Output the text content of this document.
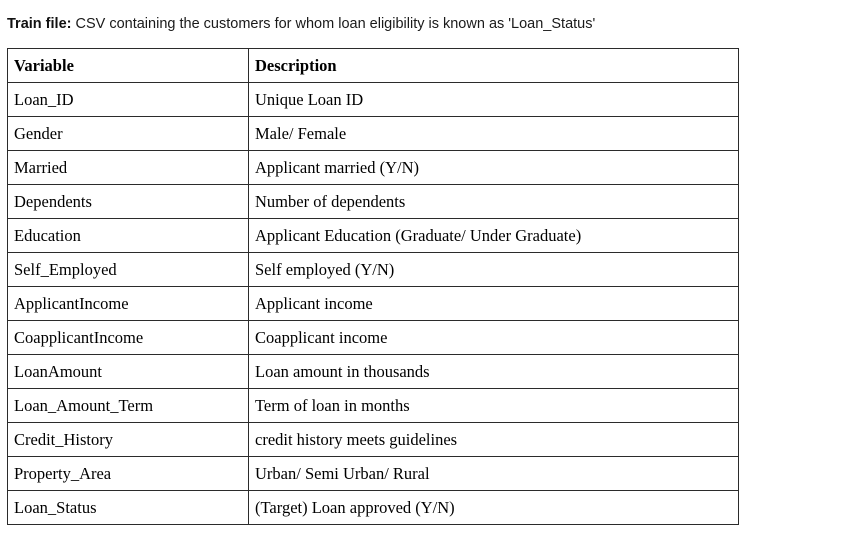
Train file: CSV containing the customers for whom loan eligibility is known as 'Loan_Status'

Variable	Description
Loan_ID	Unique Loan ID
Gender	Male/ Female
Married	Applicant married (Y/N)
Dependents	Number of dependents
Education	Applicant Education (Graduate/ Under Graduate)
Self_Employed	Self employed (Y/N)
ApplicantIncome	Applicant income
CoapplicantIncome	Coapplicant income
LoanAmount	Loan amount in thousands
Loan_Amount_Term	Term of loan in months
Credit_History	credit history meets guidelines
Property_Area	Urban/ Semi Urban/ Rural
Loan_Status	(Target) Loan approved (Y/N)
